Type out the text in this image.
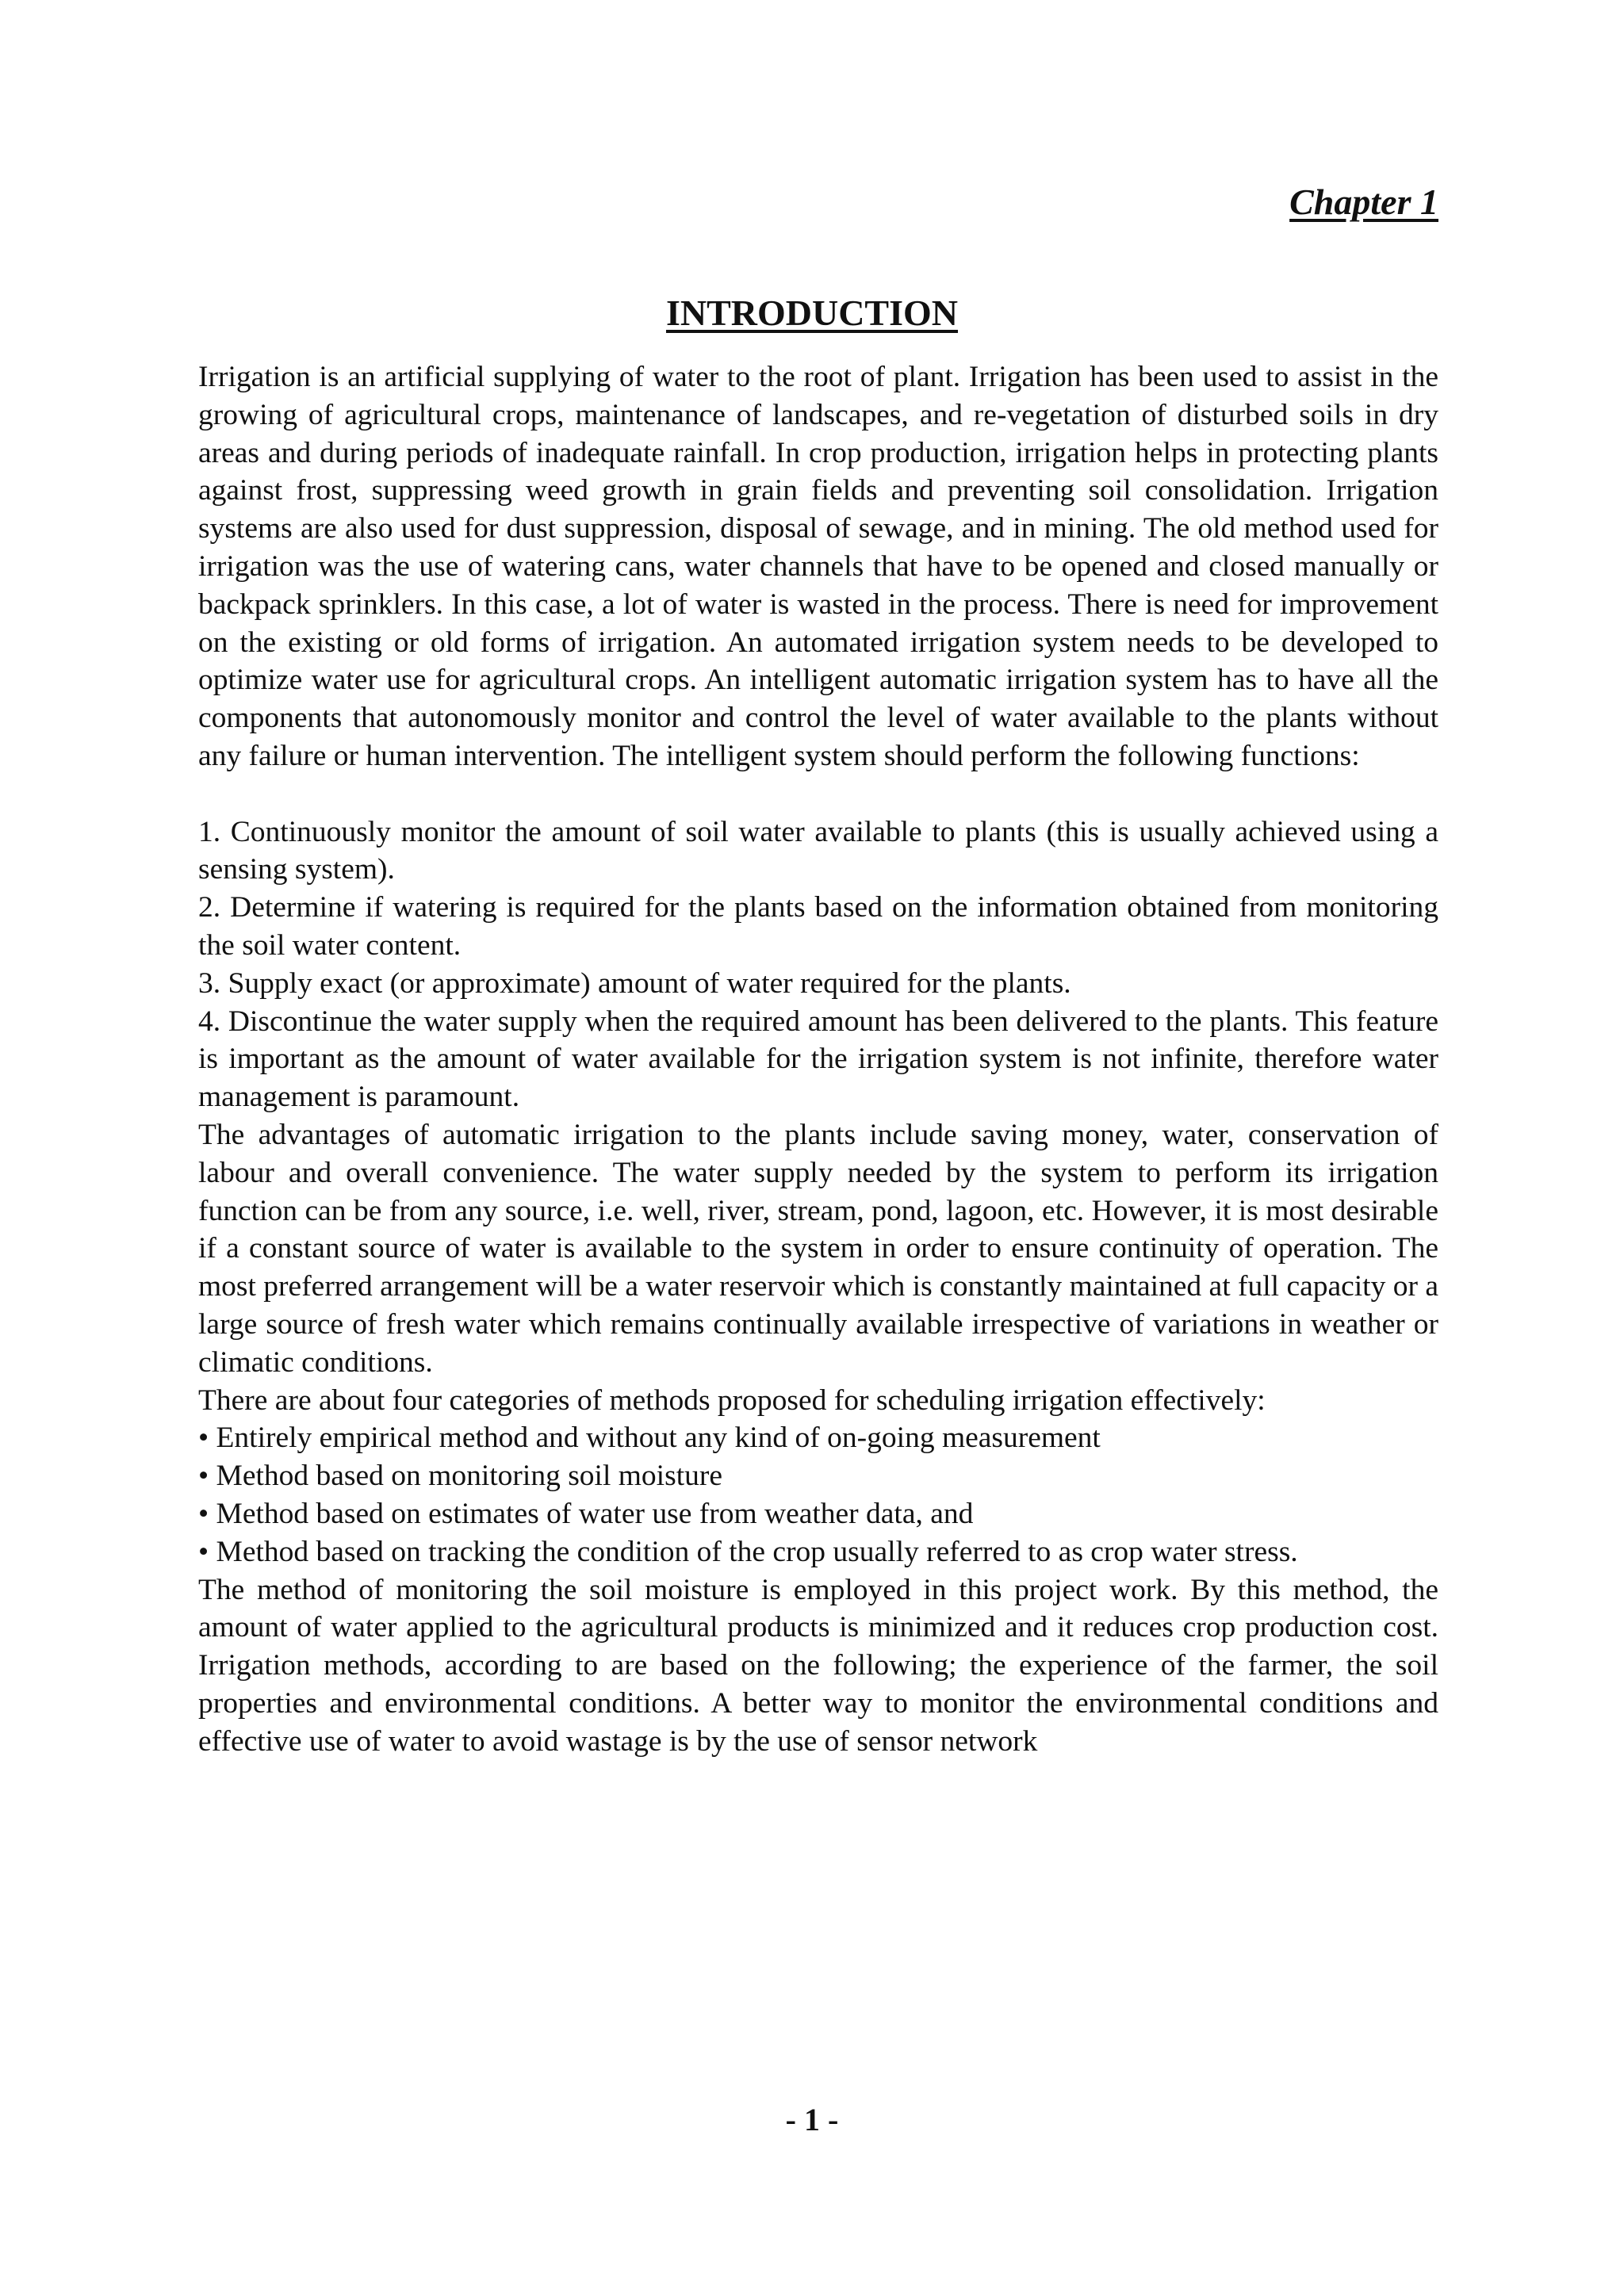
Chapter 1

INTRODUCTION

Irrigation is an artificial supplying of water to the root of plant. Irrigation has been used to assist in the growing of agricultural crops, maintenance of landscapes, and re-vegetation of disturbed soils in dry areas and during periods of inadequate rainfall. In crop production, irrigation helps in protecting plants against frost, suppressing weed growth in grain fields and preventing soil consolidation. Irrigation systems are also used for dust suppression, disposal of sewage, and in mining. The old method used for irrigation was the use of watering cans, water channels that have to be opened and closed manually or backpack sprinklers. In this case, a lot of water is wasted in the process. There is need for improvement on the existing or old forms of irrigation. An automated irrigation system needs to be developed to optimize water use for agricultural crops. An intelligent automatic irrigation system has to have all the components that autonomously monitor and control the level of water available to the plants without any failure or human intervention. The intelligent system should perform the following functions:

1. Continuously monitor the amount of soil water available to plants (this is usually achieved using a sensing system).

2. Determine if watering is required for the plants based on the information obtained from monitoring the soil water content.

3. Supply exact (or approximate) amount of water required for the plants.

4. Discontinue the water supply when the required amount has been delivered to the plants. This feature is important as the amount of water available for the irrigation system is not infinite, therefore water management is paramount.

The advantages of automatic irrigation to the plants include saving money, water, conservation of labour and overall convenience. The water supply needed by the system to perform its irrigation function can be from any source, i.e. well, river, stream, pond, lagoon, etc. However, it is most desirable if a constant source of water is available to the system in order to ensure continuity of operation. The most preferred arrangement will be a water reservoir which is constantly maintained at full capacity or a large source of fresh water which remains continually available irrespective of variations in weather or climatic conditions.

There are about four categories of methods proposed for scheduling irrigation effectively:

• Entirely empirical method and without any kind of on-going measurement

• Method based on monitoring soil moisture

• Method based on estimates of water use from weather data, and

• Method based on tracking the condition of the crop usually referred to as crop water stress.

The method of monitoring the soil moisture is employed in this project work. By this method, the amount of water applied to the agricultural products is minimized and it reduces crop production cost. Irrigation methods, according to are based on the following; the experience of the farmer, the soil properties and environmental conditions. A better way to monitor the environmental conditions and effective use of water to avoid wastage is by the use of sensor network

- 1 -
